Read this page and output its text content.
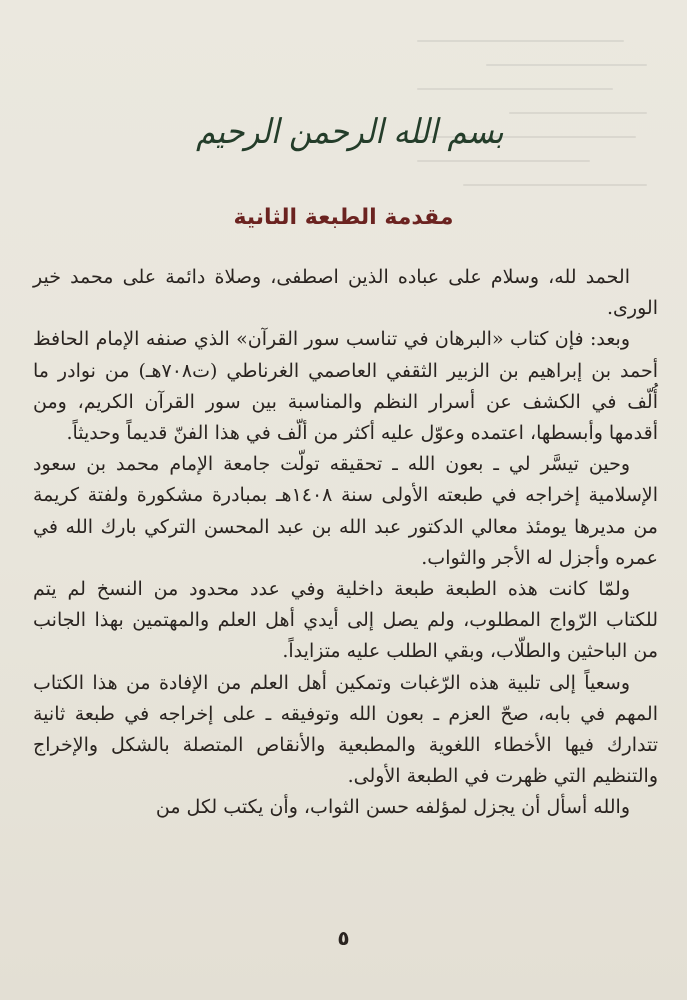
بسم الله الرحمن الرحيم
مقدمة الطبعة الثانية

الحمد لله، وسلام على عباده الذين اصطفى، وصلاة دائمة على محمد خير الورى.

وبعد: فإن كتاب «البرهان في تناسب سور القرآن» الذي صنفه الإمام الحافظ أحمد بن إبراهيم بن الزبير الثقفي العاصمي الغرناطي (ت٧٠٨هـ) من نوادر ما أُلّف في الكشف عن أسرار النظم والمناسبة بين سور القرآن الكريم، ومن أقدمها وأبسطها، اعتمده وعوّل عليه أكثر من ألّف في هذا الفنّ قديماً وحديثاً.

وحين تيسَّر لي ـ بعون الله ـ تحقيقه تولّت جامعة الإمام محمد بن سعود الإسلامية إخراجه في طبعته الأولى سنة ١٤٠٨هـ بمبادرة مشكورة ولفتة كريمة من مديرها يومئذ معالي الدكتور عبد الله بن عبد المحسن التركي بارك الله في عمره وأجزل له الأجر والثواب.

ولمّا كانت هذه الطبعة طبعة داخلية وفي عدد محدود من النسخ لم يتم للكتاب الرّواج المطلوب، ولم يصل إلى أيدي أهل العلم والمهتمين بهذا الجانب من الباحثين والطلّاب، وبقي الطلب عليه متزايداً.

وسعياً إلى تلبية هذه الرّغبات وتمكين أهل العلم من الإفادة من هذا الكتاب المهم في بابه، صحّ العزم ـ بعون الله وتوفيقه ـ على إخراجه في طبعة ثانية تتدارك فيها الأخطاء اللغوية والمطبعية والأنقاص المتصلة بالشكل والإخراج والتنظيم التي ظهرت في الطبعة الأولى.

والله أسأل أن يجزل لمؤلفه حسن الثواب، وأن يكتب لكل من

٥
